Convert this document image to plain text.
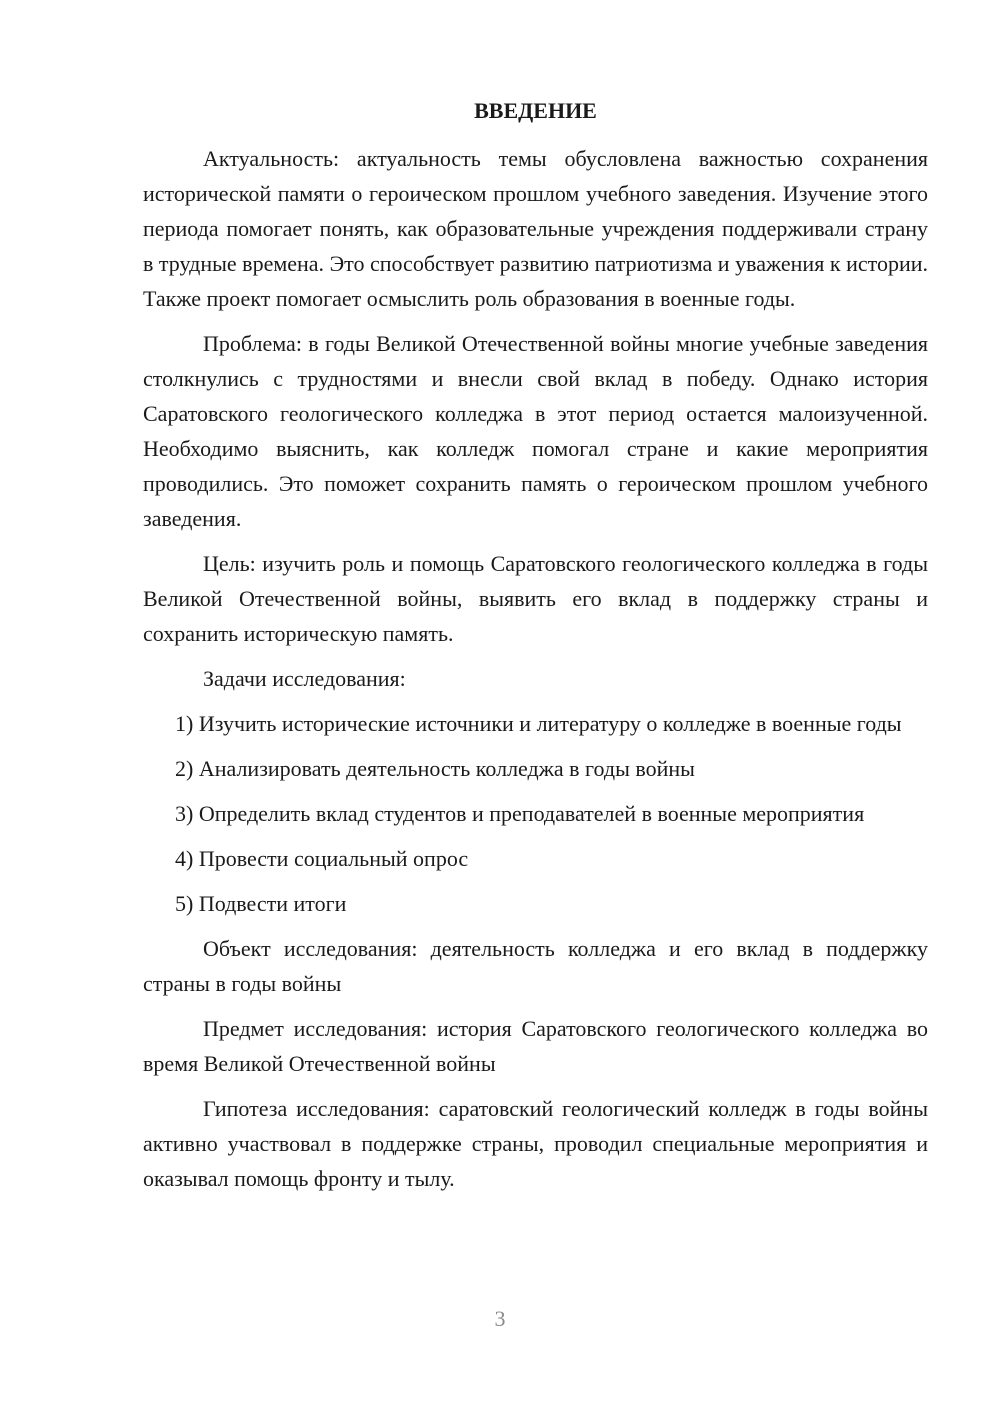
ВВЕДЕНИЕ

Актуальность: актуальность темы обусловлена важностью сохранения исторической памяти о героическом прошлом учебного заведения. Изучение этого периода помогает понять, как образовательные учреждения поддерживали страну в трудные времена. Это способствует развитию патриотизма и уважения к истории. Также проект помогает осмыслить роль образования в военные годы.

Проблема: в годы Великой Отечественной войны многие учебные заведения столкнулись с трудностями и внесли свой вклад в победу. Однако история Саратовского геологического колледжа в этот период остается малоизученной. Необходимо выяснить, как колледж помогал стране и какие мероприятия проводились. Это поможет сохранить память о героическом прошлом учебного заведения.

Цель: изучить роль и помощь Саратовского геологического колледжа в годы Великой Отечественной войны, выявить его вклад в поддержку страны и сохранить историческую память.

Задачи исследования:

1) Изучить исторические источники и литературу о колледже в военные годы

2) Анализировать деятельность колледжа в годы войны

3) Определить вклад студентов и преподавателей в военные мероприятия

4) Провести социальный опрос

5) Подвести итоги

Объект исследования: деятельность колледжа и его вклад в поддержку страны в годы войны

Предмет исследования: история Саратовского геологического колледжа во время Великой Отечественной войны

Гипотеза исследования: саратовский геологический колледж в годы войны активно участвовал в поддержке страны, проводил специальные мероприятия и оказывал помощь фронту и тылу.

3
